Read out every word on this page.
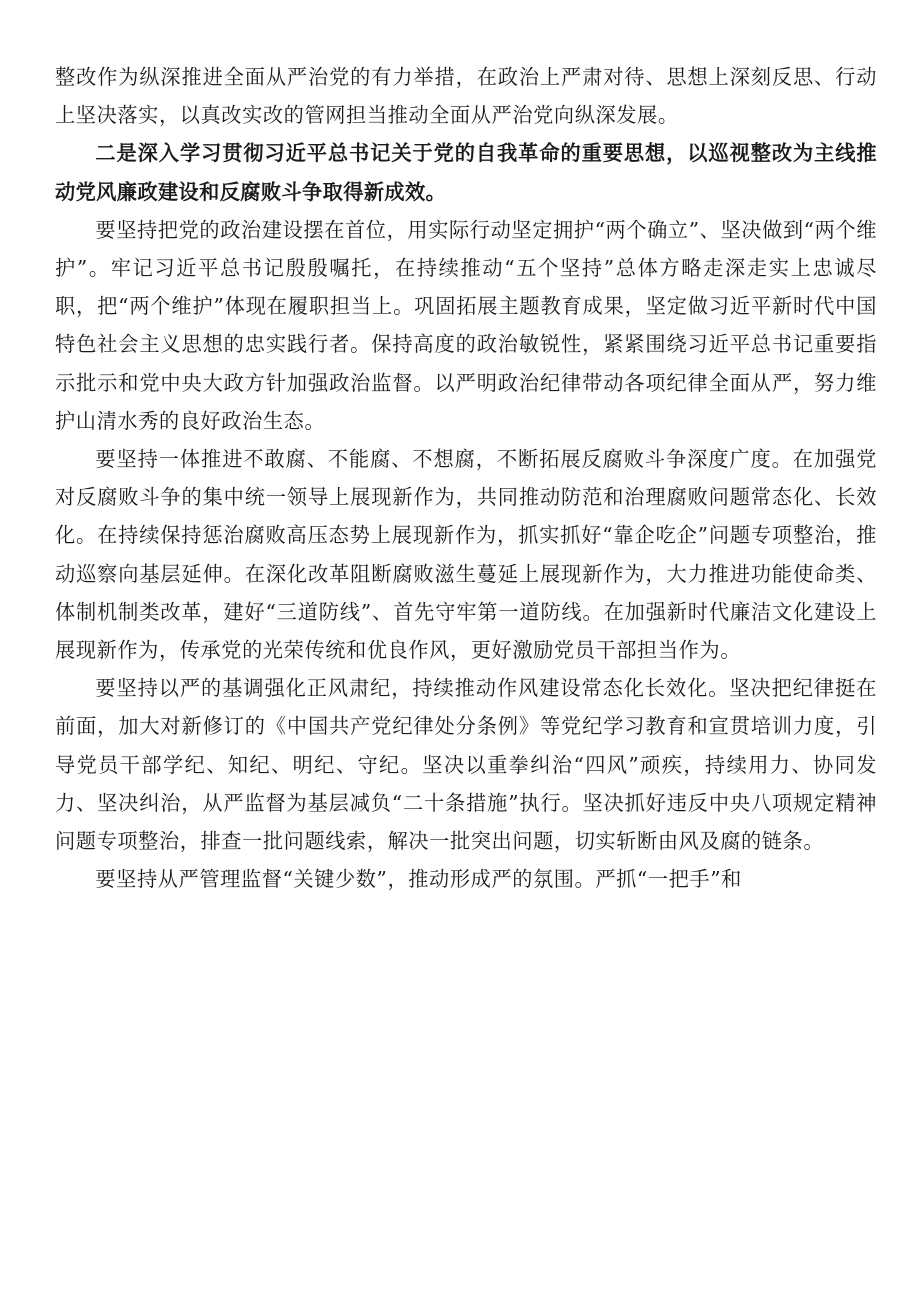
整改作为纵深推进全面从严治党的有力举措，在政治上严肃对待、思想上深刻反思、行动上坚决落实，以真改实改的管网担当推动全面从严治党向纵深发展。

二是深入学习贯彻习近平总书记关于党的自我革命的重要思想，以巡视整改为主线推动党风廉政建设和反腐败斗争取得新成效。

要坚持把党的政治建设摆在首位，用实际行动坚定拥护“两个确立”、坚决做到“两个维护”。牢记习近平总书记殷殷嘱托，在持续推动“五个坚持”总体方略走深走实上忠诚尽职，把“两个维护”体现在履职担当上。巩固拓展主题教育成果，坚定做习近平新时代中国特色社会主义思想的忠实践行者。保持高度的政治敏锐性，紧紧围绕习近平总书记重要指示批示和党中央大政方针加强政治监督。以严明政治纪律带动各项纪律全面从严，努力维护山清水秀的良好政治生态。

要坚持一体推进不敢腐、不能腐、不想腐，不断拓展反腐败斗争深度广度。在加强党对反腐败斗争的集中统一领导上展现新作为，共同推动防范和治理腐败问题常态化、长效化。在持续保持惩治腐败高压态势上展现新作为，抓实抓好“靠企吃企”问题专项整治，推动巡察向基层延伸。在深化改革阻断腐败滋生蔓延上展现新作为，大力推进功能使命类、体制机制类改革，建好“三道防线”、首先守牢第一道防线。在加强新时代廉洁文化建设上展现新作为，传承党的光荣传统和优良作风，更好激励党员干部担当作为。

要坚持以严的基调强化正风肃纪，持续推动作风建设常态化长效化。坚决把纪律挺在前面，加大对新修订的《中国共产党纪律处分条例》等党纪学习教育和宣贯培训力度，引导党员干部学纪、知纪、明纪、守纪。坚决以重拳纠治“四风”顽疾，持续用力、协同发力、坚决纠治，从严监督为基层减负“二十条措施”执行。坚决抓好违反中央八项规定精神问题专项整治，排查一批问题线索，解决一批突出问题，切实斩断由风及腐的链条。

要坚持从严管理监督“关键少数”，推动形成严的氛围。严抓“一把手”和
